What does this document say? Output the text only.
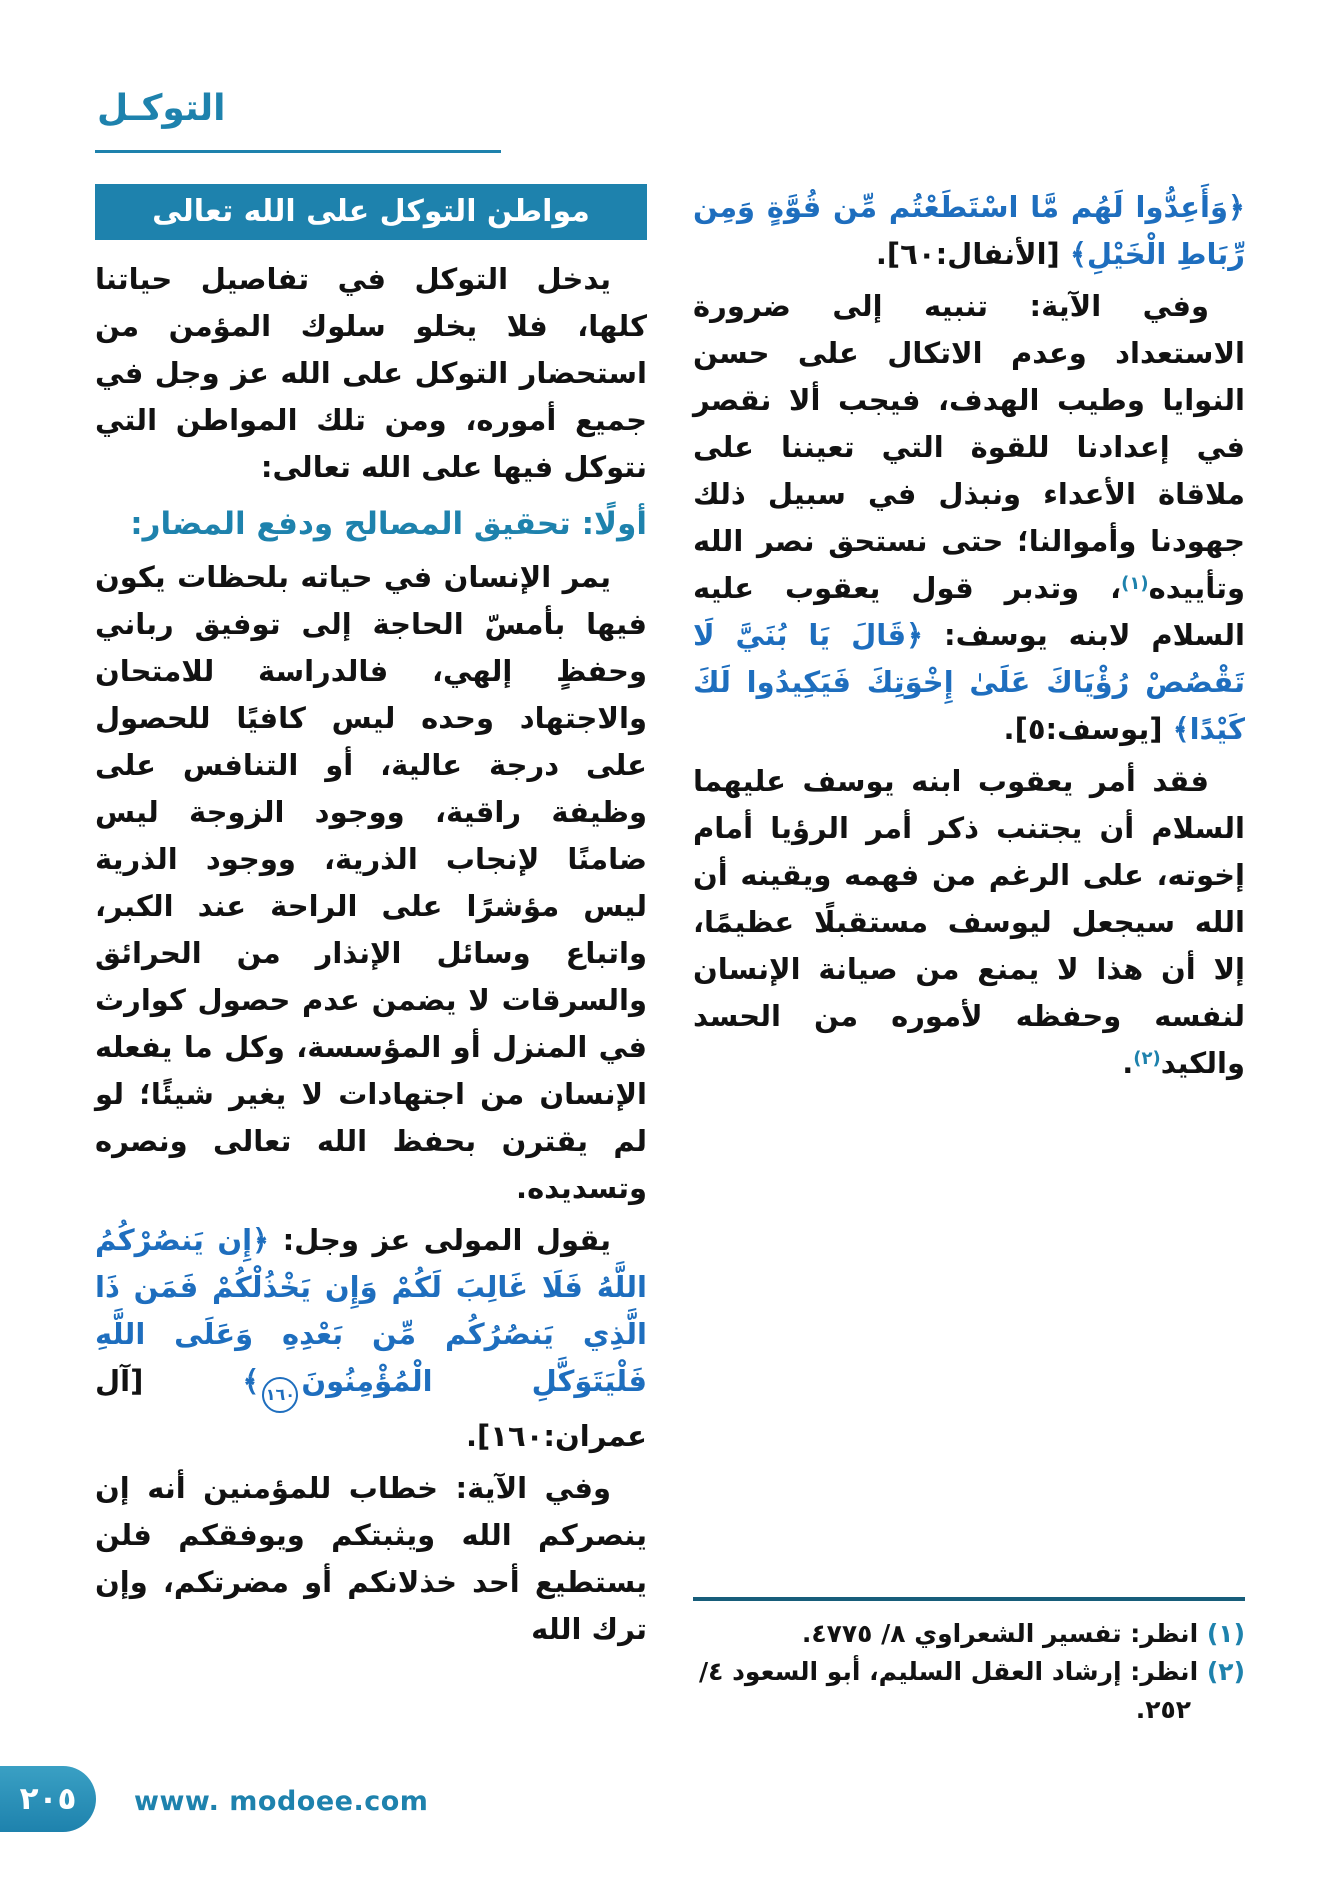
التوكـل

﴿وَأَعِدُّوا لَهُم مَّا اسْتَطَعْتُم مِّن قُوَّةٍ وَمِن رِّبَاطِ الْخَيْلِ﴾ [الأنفال:٦٠].

وفي الآية: تنبيه إلى ضرورة الاستعداد وعدم الاتكال على حسن النوايا وطيب الهدف، فيجب ألا نقصر في إعدادنا للقوة التي تعيننا على ملاقاة الأعداء ونبذل في سبيل ذلك جهودنا وأموالنا؛ حتى نستحق نصر الله وتأييده$^{(١)}$، وتدبر قول يعقوب عليه السلام لابنه يوسف: ﴿قَالَ يَا بُنَيَّ لَا تَقْصُصْ رُؤْيَاكَ عَلَىٰ إِخْوَتِكَ فَيَكِيدُوا لَكَ كَيْدًا﴾ [يوسف:٥].

فقد أمر يعقوب ابنه يوسف عليهما السلام أن يجتنب ذكر أمر الرؤيا أمام إخوته، على الرغم من فهمه ويقينه أن الله سيجعل ليوسف مستقبلًا عظيمًا، إلا أن هذا لا يمنع من صيانة الإنسان لنفسه وحفظه لأموره من الحسد والكيد$^{(٢)}$.

(١) انظر: تفسير الشعراوي ٨/ ٤٧٧٥.

(٢) انظر: إرشاد العقل السليم، أبو السعود ٤/ ٢٥٢.

مواطن التوكل على الله تعالى

يدخل التوكل في تفاصيل حياتنا كلها، فلا يخلو سلوك المؤمن من استحضار التوكل على الله عز وجل في جميع أموره، ومن تلك المواطن التي نتوكل فيها على الله تعالى:

أولًا: تحقيق المصالح ودفع المضار:

يمر الإنسان في حياته بلحظات يكون فيها بأمسّ الحاجة إلى توفيق رباني وحفظٍ إلهي، فالدراسة للامتحان والاجتهاد وحده ليس كافيًا للحصول على درجة عالية، أو التنافس على وظيفة راقية، ووجود الزوجة ليس ضامنًا لإنجاب الذرية، ووجود الذرية ليس مؤشرًا على الراحة عند الكبر، واتباع وسائل الإنذار من الحرائق والسرقات لا يضمن عدم حصول كوارث في المنزل أو المؤسسة، وكل ما يفعله الإنسان من اجتهادات لا يغير شيئًا؛ لو لم يقترن بحفظ الله تعالى ونصره وتسديده.

يقول المولى عز وجل: ﴿إِن يَنصُرْكُمُ اللَّهُ فَلَا غَالِبَ لَكُمْ وَإِن يَخْذُلْكُمْ فَمَن ذَا الَّذِي يَنصُرُكُم مِّن بَعْدِهِ وَعَلَى اللَّهِ فَلْيَتَوَكَّلِ الْمُؤْمِنُونَ١٦٠﴾ [آل عمران:١٦٠].

وفي الآية: خطاب للمؤمنين أنه إن ينصركم الله ويثبتكم ويوفقكم فلن يستطيع أحد خذلانكم أو مضرتكم، وإن ترك الله

٢٠٥ www. modoee.com
